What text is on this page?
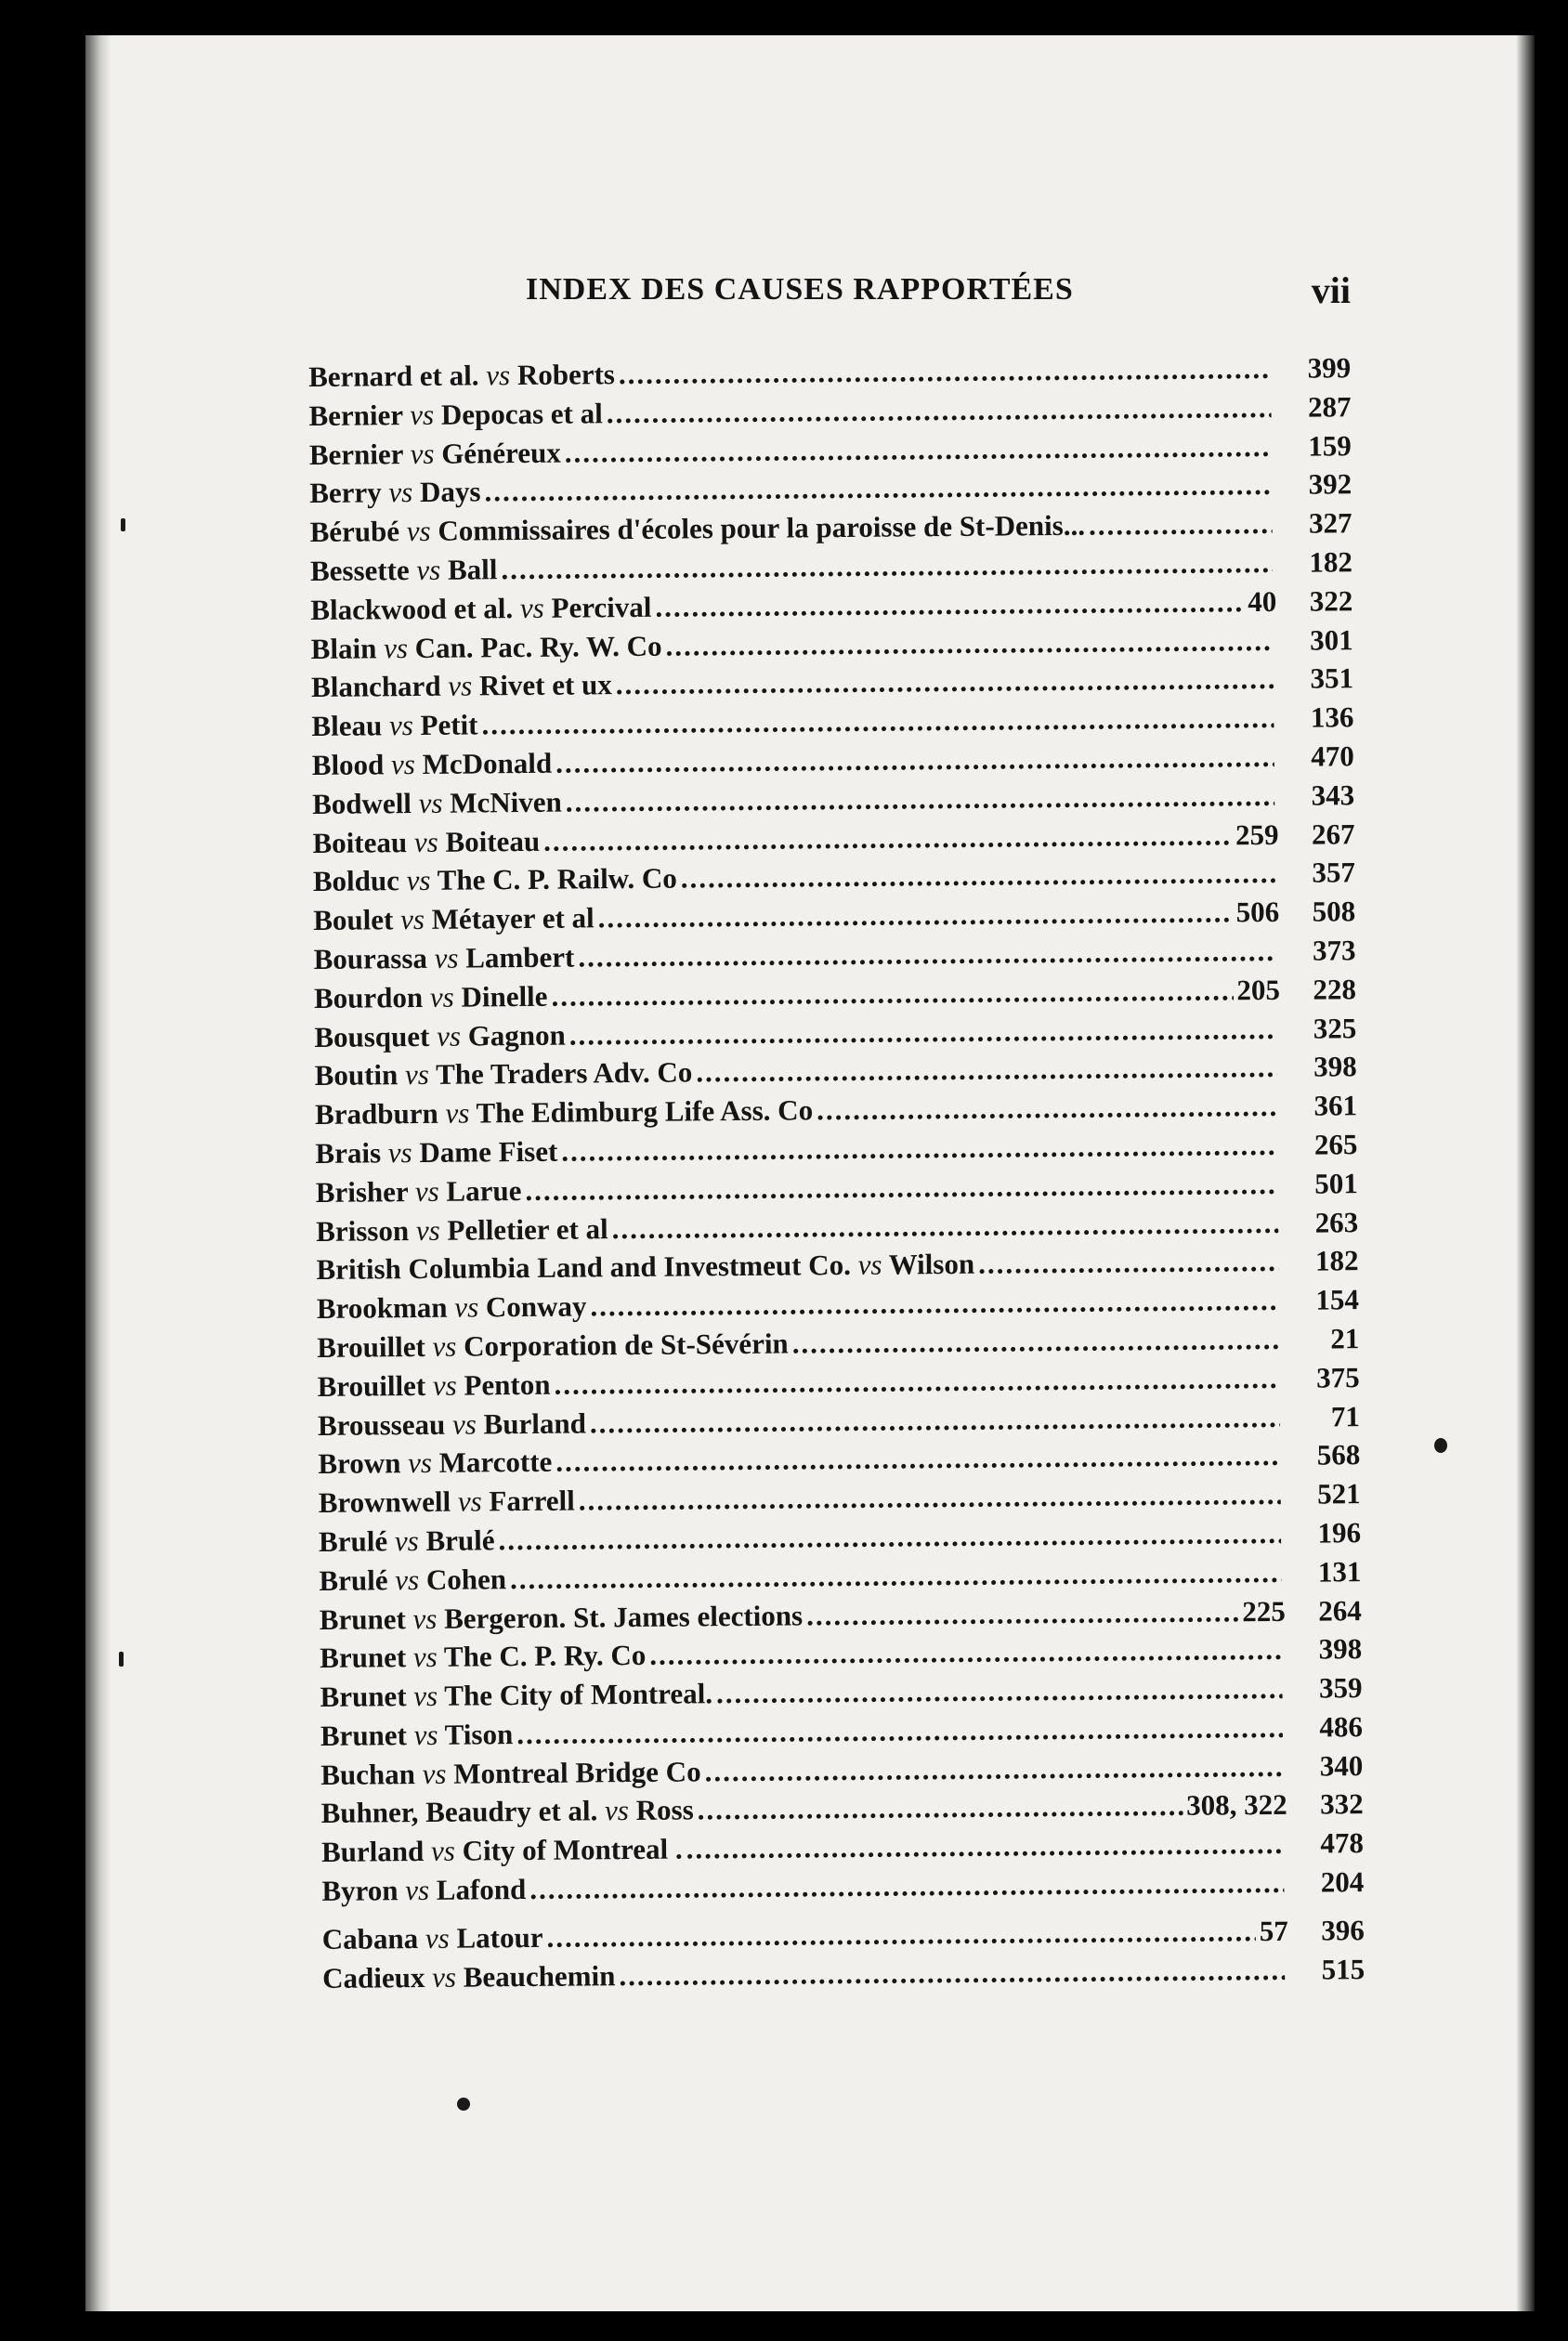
INDEX DES CAUSES RAPPORTÉES	vii
Bernard et al. vs Roberts .....	399
Bernier vs Depocas et al .....	287
Bernier vs Généreux .....	159
Berry vs Days .....	392
Bérubé vs Commissaires d'écoles pour la paroisse de St-Denis... .....	327
Bessette vs Ball .....	182
Blackwood et al. vs Percival .....	40	322
Blain vs Can. Pac. Ry. W. Co .....	301
Blanchard vs Rivet et ux .....	351
Bleau vs Petit .....	136
Blood vs McDonald .....	470
Bodwell vs McNiven .....	343
Boiteau vs Boiteau .....	259	267
Bolduc vs The C. P. Railw. Co .....	357
Boulet vs Métayer et al .....	506	508
Bourassa vs Lambert .....	373
Bourdon vs Dinelle .....	205	228
Bousquet vs Gagnon .....	325
Boutin vs The Traders Adv. Co .....	398
Bradburn vs The Edimburg Life Ass. Co .....	361
Brais vs Dame Fiset .....	265
Brisher vs Larue .....	501
Brisson vs Pelletier et al .....	263
British Columbia Land and Investmeut Co. vs Wilson .....	182
Brookman vs Conway .....	154
Brouillet vs Corporation de St-Sévérin .....	21
Brouillet vs Penton .....	375
Brousseau vs Burland .....	71
Brown vs Marcotte .....	568
Brownwell vs Farrell .....	521
Brulé vs Brulé .....	196
Brulé vs Cohen .....	131
Brunet vs Bergeron. St. James elections .....	225	264
Brunet vs The C. P. Ry. Co .....	398
Brunet vs The City of Montreal. .....	359
Brunet vs Tison .....	486
Buchan vs Montreal Bridge Co .....	340
Buhner, Beaudry et al. vs Ross .....	308, 322	332
Burland vs City of Montreal . .....	478
Byron vs Lafond .....	204
Cabana vs Latour .....	57	396
Cadieux vs Beauchemin .....	515
